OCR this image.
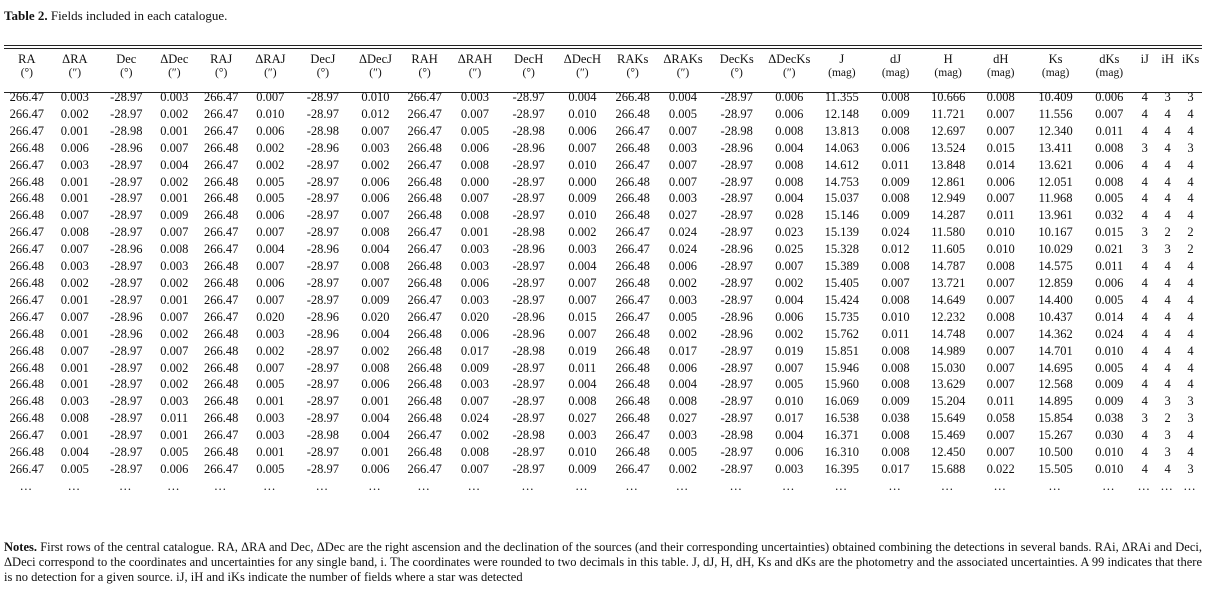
Table 2. Fields included in each catalogue.
RA	ΔRA	Dec	ΔDec	RAJ	ΔRAJ	DecJ	ΔDecJ	RAH	ΔRAH	DecH	ΔDecH	RAKs	ΔRAKs	DecKs	ΔDecKs	J	dJ	H	dH	Ks	dKs	iJ	iH	iKs
(°)	(″)	(°)	(″)	(°)	(″)	(°)	(″)	(°)	(″)	(°)	(″)	(°)	(″)	(°)	(″)	(mag)	(mag)	(mag)	(mag)	(mag)	(mag)			

266.47	0.003	-28.97	0.003	266.47	0.007	-28.97	0.010	266.47	0.003	-28.97	0.004	266.48	0.004	-28.97	0.006	11.355	0.008	10.666	0.008	10.409	0.006	4	3	3
266.47	0.002	-28.97	0.002	266.47	0.010	-28.97	0.012	266.47	0.007	-28.97	0.010	266.48	0.005	-28.97	0.006	12.148	0.009	11.721	0.007	11.556	0.007	4	4	4
266.47	0.001	-28.98	0.001	266.47	0.006	-28.98	0.007	266.47	0.005	-28.98	0.006	266.47	0.007	-28.98	0.008	13.813	0.008	12.697	0.007	12.340	0.011	4	4	4
266.48	0.006	-28.96	0.007	266.48	0.002	-28.96	0.003	266.48	0.006	-28.96	0.007	266.48	0.003	-28.96	0.004	14.063	0.006	13.524	0.015	13.411	0.008	3	4	3
266.47	0.003	-28.97	0.004	266.47	0.002	-28.97	0.002	266.47	0.008	-28.97	0.010	266.47	0.007	-28.97	0.008	14.612	0.011	13.848	0.014	13.621	0.006	4	4	4
266.48	0.001	-28.97	0.002	266.48	0.005	-28.97	0.006	266.48	0.000	-28.97	0.000	266.48	0.007	-28.97	0.008	14.753	0.009	12.861	0.006	12.051	0.008	4	4	4
266.48	0.001	-28.97	0.001	266.48	0.005	-28.97	0.006	266.48	0.007	-28.97	0.009	266.48	0.003	-28.97	0.004	15.037	0.008	12.949	0.007	11.968	0.005	4	4	4
266.48	0.007	-28.97	0.009	266.48	0.006	-28.97	0.007	266.48	0.008	-28.97	0.010	266.48	0.027	-28.97	0.028	15.146	0.009	14.287	0.011	13.961	0.032	4	4	4
266.47	0.008	-28.97	0.007	266.47	0.007	-28.97	0.008	266.47	0.001	-28.98	0.002	266.47	0.024	-28.97	0.023	15.139	0.024	11.580	0.010	10.167	0.015	3	2	2
266.47	0.007	-28.96	0.008	266.47	0.004	-28.96	0.004	266.47	0.003	-28.96	0.003	266.47	0.024	-28.96	0.025	15.328	0.012	11.605	0.010	10.029	0.021	3	3	2
266.48	0.003	-28.97	0.003	266.48	0.007	-28.97	0.008	266.48	0.003	-28.97	0.004	266.48	0.006	-28.97	0.007	15.389	0.008	14.787	0.008	14.575	0.011	4	4	4
266.48	0.002	-28.97	0.002	266.48	0.006	-28.97	0.007	266.48	0.006	-28.97	0.007	266.48	0.002	-28.97	0.002	15.405	0.007	13.721	0.007	12.859	0.006	4	4	4
266.47	0.001	-28.97	0.001	266.47	0.007	-28.97	0.009	266.47	0.003	-28.97	0.007	266.47	0.003	-28.97	0.004	15.424	0.008	14.649	0.007	14.400	0.005	4	4	4
266.47	0.007	-28.96	0.007	266.47	0.020	-28.96	0.020	266.47	0.020	-28.96	0.015	266.47	0.005	-28.96	0.006	15.735	0.010	12.232	0.008	10.437	0.014	4	4	4
266.48	0.001	-28.96	0.002	266.48	0.003	-28.96	0.004	266.48	0.006	-28.96	0.007	266.48	0.002	-28.96	0.002	15.762	0.011	14.748	0.007	14.362	0.024	4	4	4
266.48	0.007	-28.97	0.007	266.48	0.002	-28.97	0.002	266.48	0.017	-28.98	0.019	266.48	0.017	-28.97	0.019	15.851	0.008	14.989	0.007	14.701	0.010	4	4	4
266.48	0.001	-28.97	0.002	266.48	0.007	-28.97	0.008	266.48	0.009	-28.97	0.011	266.48	0.006	-28.97	0.007	15.946	0.008	15.030	0.007	14.695	0.005	4	4	4
266.48	0.001	-28.97	0.002	266.48	0.005	-28.97	0.006	266.48	0.003	-28.97	0.004	266.48	0.004	-28.97	0.005	15.960	0.008	13.629	0.007	12.568	0.009	4	4	4
266.48	0.003	-28.97	0.003	266.48	0.001	-28.97	0.001	266.48	0.007	-28.97	0.008	266.48	0.008	-28.97	0.010	16.069	0.009	15.204	0.011	14.895	0.009	4	3	3
266.48	0.008	-28.97	0.011	266.48	0.003	-28.97	0.004	266.48	0.024	-28.97	0.027	266.48	0.027	-28.97	0.017	16.538	0.038	15.649	0.058	15.854	0.038	3	2	3
266.47	0.001	-28.97	0.001	266.47	0.003	-28.98	0.004	266.47	0.002	-28.98	0.003	266.47	0.003	-28.98	0.004	16.371	0.008	15.469	0.007	15.267	0.030	4	3	4
266.48	0.004	-28.97	0.005	266.48	0.001	-28.97	0.001	266.48	0.008	-28.97	0.010	266.48	0.005	-28.97	0.006	16.310	0.008	12.450	0.007	10.500	0.010	4	3	4
266.47	0.005	-28.97	0.006	266.47	0.005	-28.97	0.006	266.47	0.007	-28.97	0.009	266.47	0.002	-28.97	0.003	16.395	0.017	15.688	0.022	15.505	0.010	4	4	3
…	…	…	…	…	…	…	…	…	…	…	…	…	…	…	…	…	…	…	…	…	…	…	…	…
Notes. First rows of the central catalogue. RA, ΔRA and Dec, ΔDec are the right ascension and the declination of the sources (and their corresponding uncertainties) obtained combining the detections in several bands. RAi, ΔRAi and Deci, ΔDeci correspond to the coordinates and uncertainties for any single band, i. The coordinates were rounded to two decimals in this table. J, dJ, H, dH, Ks and dKs are the photometry and the associated uncertainties. A 99 indicates that there is no detection for a given source. iJ, iH and iKs indicate the number of fields where a star was detected
